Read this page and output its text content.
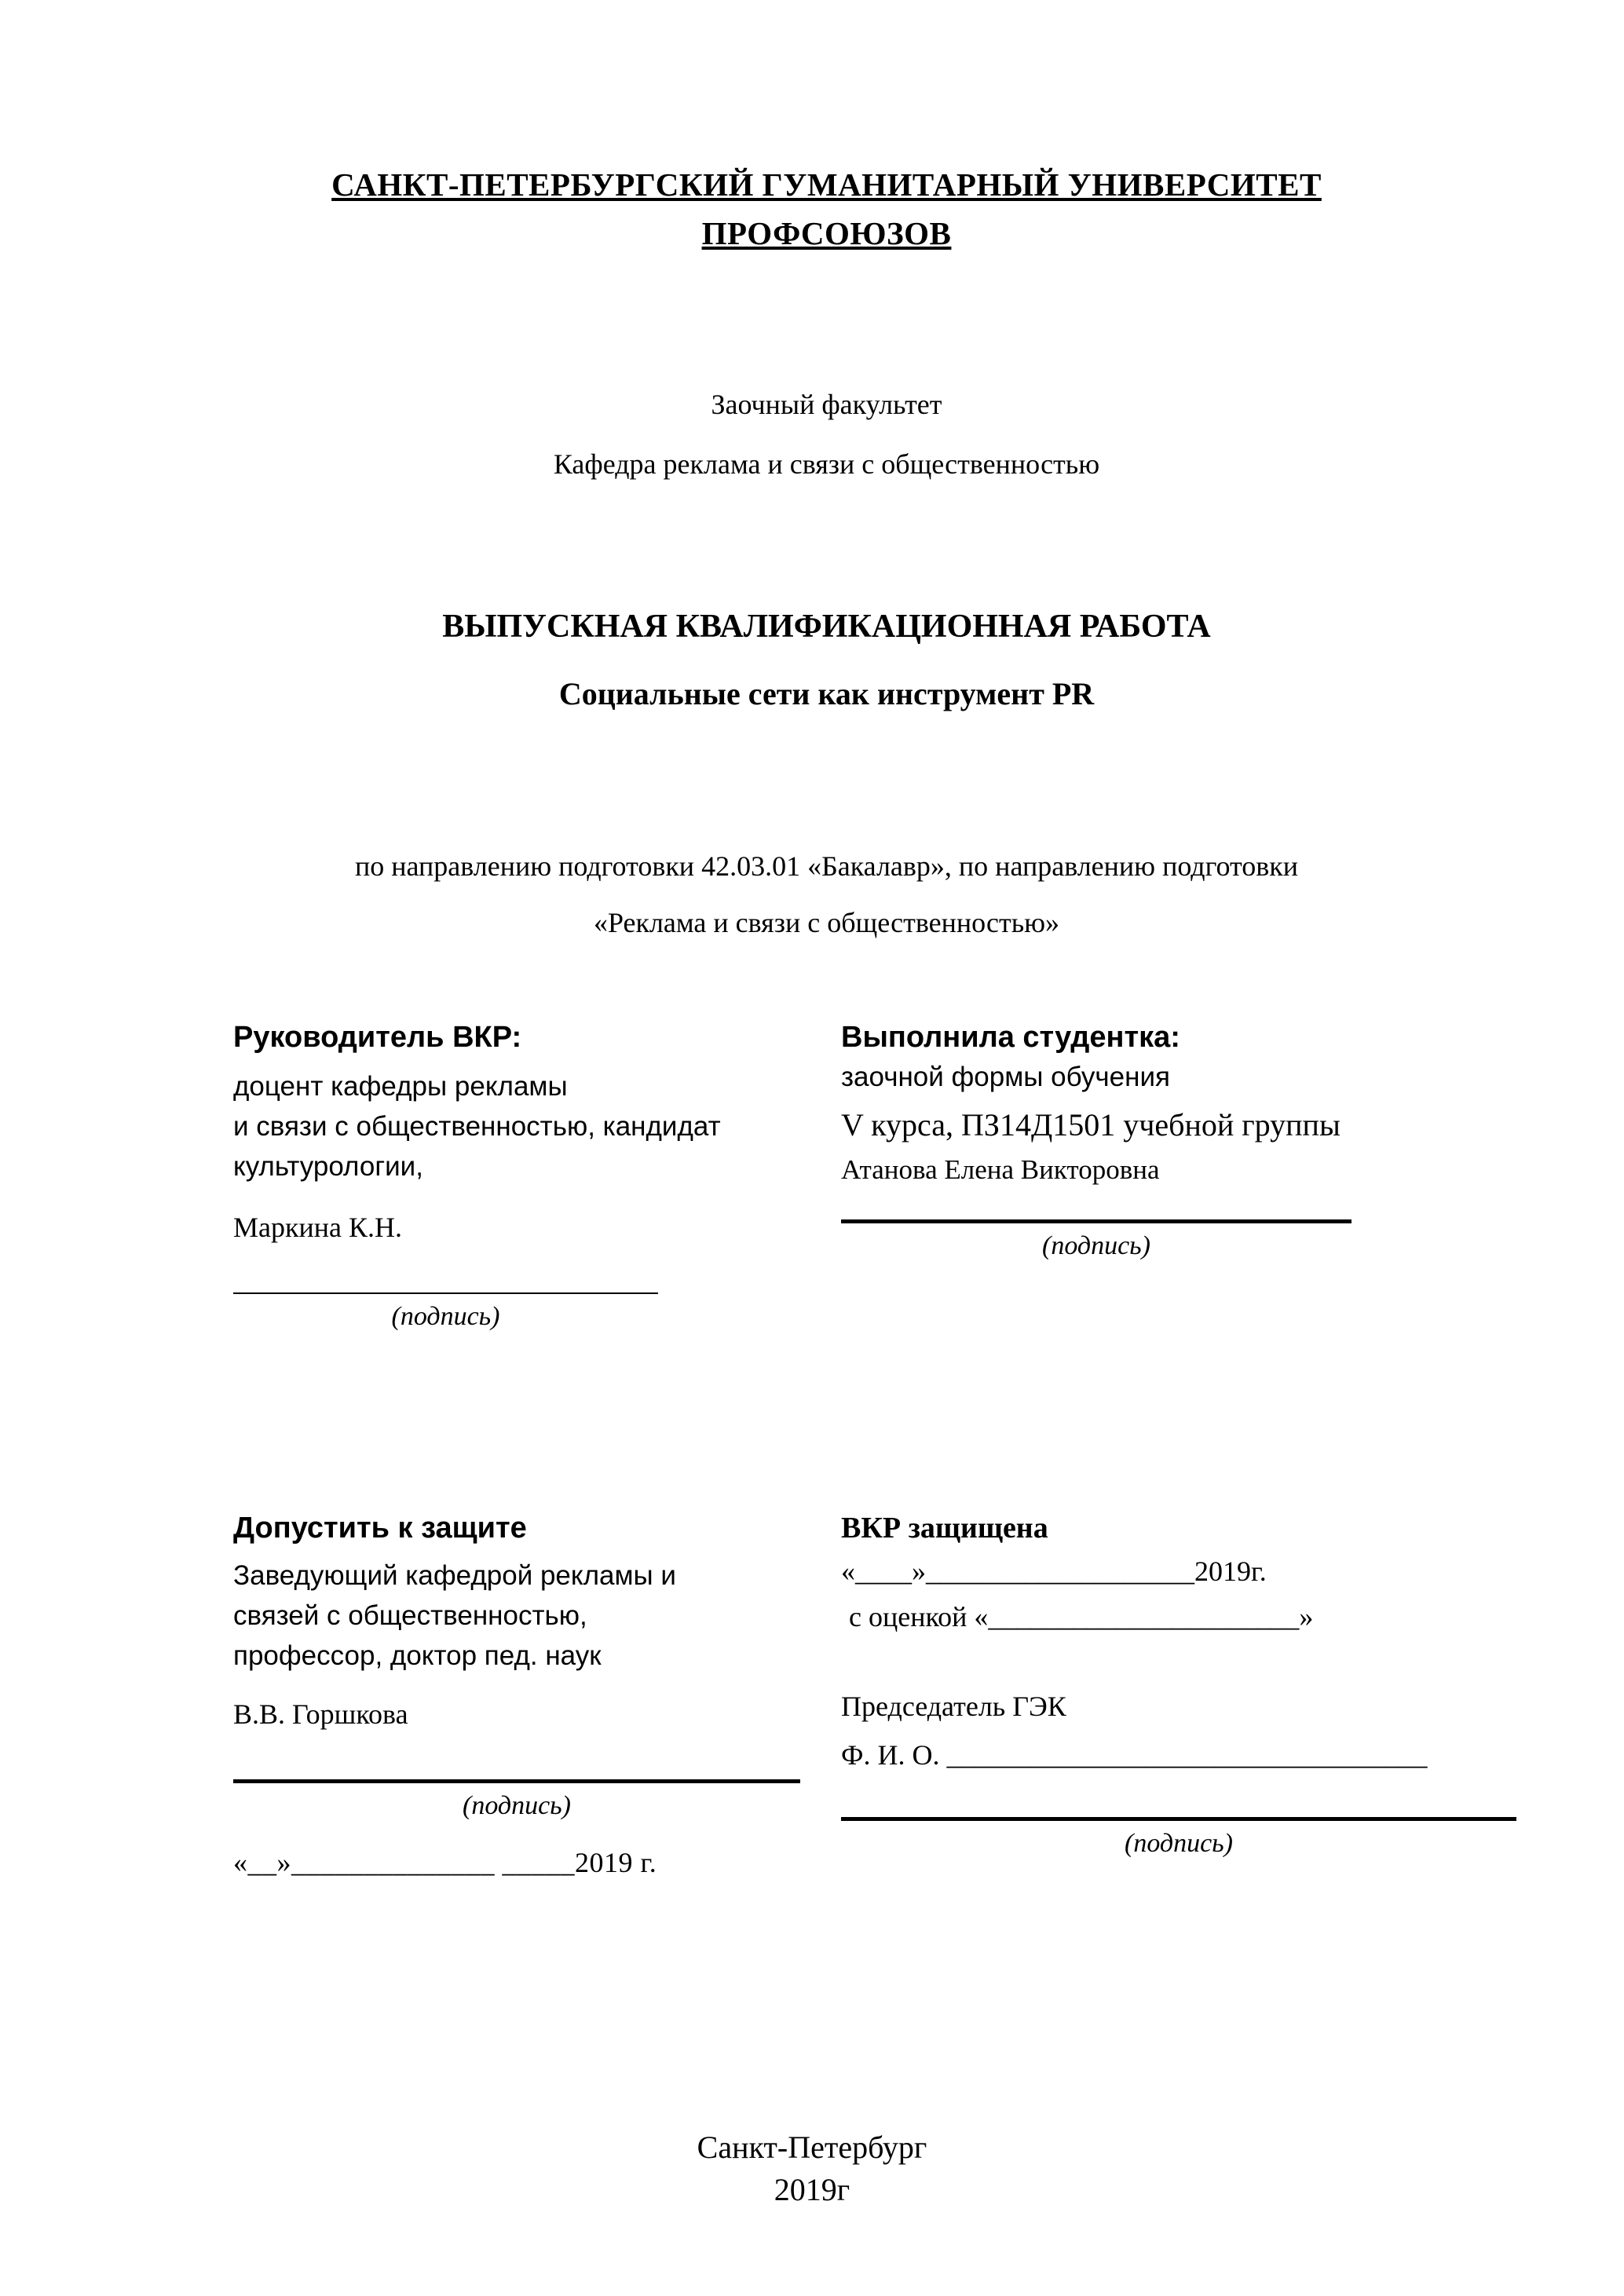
САНКТ-ПЕТЕРБУРГСКИЙ ГУМАНИТАРНЫЙ УНИВЕРСИТЕТ ПРОФСОЮЗОВ
Заочный факультет
Кафедра реклама и связи с общественностью
ВЫПУСКНАЯ КВАЛИФИКАЦИОННАЯ РАБОТА
Социальные сети как инструмент PR
по направлению подготовки 42.03.01 «Бакалавр», по направлению подготовки
«Реклама и связи с общественностью»
Руководитель ВКР:
доцент кафедры рекламы
и связи с общественностью, кандидат культурологии,
Маркина К.Н.
(подпись)
Выполнила студентка:
заочной формы обучения
V курса, ПЗ14Д1501 учебной группы
Атанова Елена Викторовна
(подпись)
Допустить к защите
Заведующий кафедрой рекламы и связей с общественностью, профессор, доктор пед. наук
В.В. Горшкова
(подпись)
«__»______________ _____2019 г.
ВКР защищена
«____»___________________2019г.
с оценкой «______________________»
Председатель ГЭК
Ф. И. О. __________________________________
(подпись)
Санкт-Петербург
2019г
